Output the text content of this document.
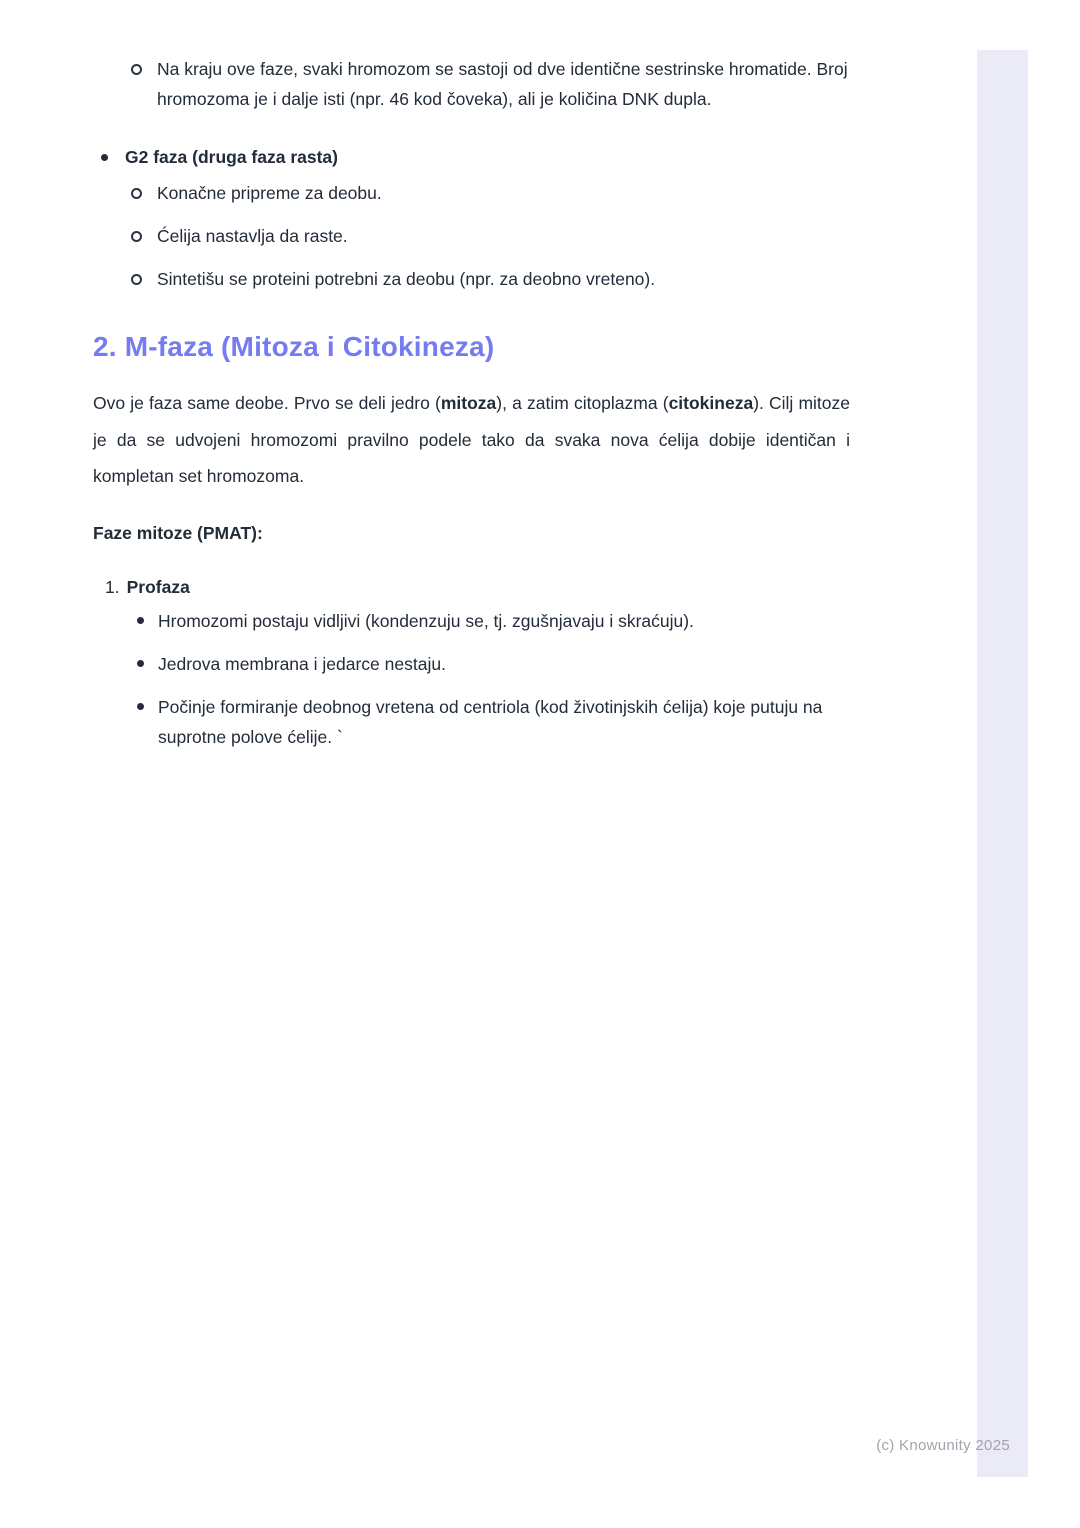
Na kraju ove faze, svaki hromozom se sastoji od dve identične sestrinske hromatide. Broj hromozoma je i dalje isti (npr. 46 kod čoveka), ali je količina DNK dupla.
G2 faza (druga faza rasta)
Konačne pripreme za deobu.
Ćelija nastavlja da raste.
Sintetišu se proteini potrebni za deobu (npr. za deobno vreteno).
2. M-faza (Mitoza i Citokineza)

Ovo je faza same deobe. Prvo se deli jedro (mitoza), a zatim citoplazma (citokineza). Cilj mitoze je da se udvojeni hromozomi pravilno podele tako da svaka nova ćelija dobije identičan i kompletan set hromozoma.

Faze mitoze (PMAT):

1. Profaza
Hromozomi postaju vidljivi (kondenzuju se, tj. zgušnjavaju i skraćuju).
Jedrova membrana i jedarce nestaju.
Počinje formiranje deobnog vretena od centriola (kod životinjskih ćelija) koje putuju na suprotne polove ćelije. `
(c) Knowunity 2025
